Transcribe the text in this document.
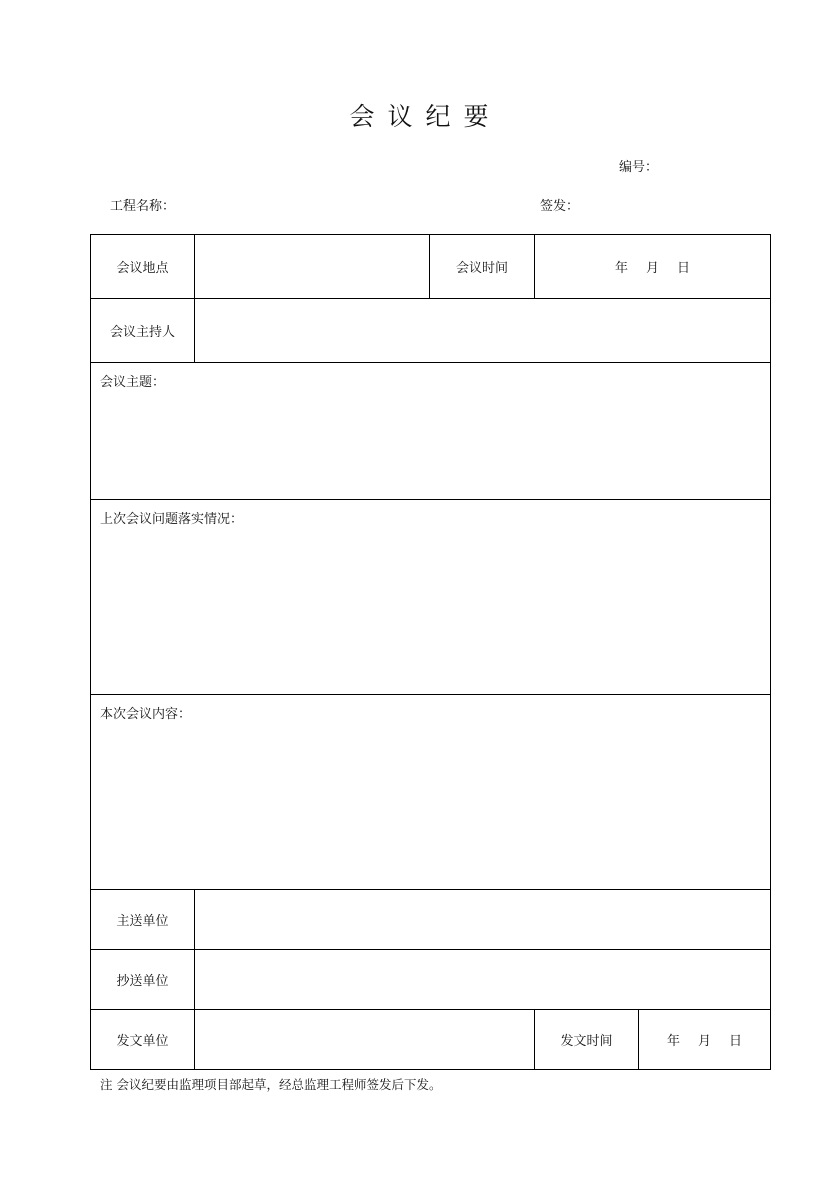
会议纪要
编号：
工程名称：	签发：
会议地点		会议时间	年 月 日	
会议主持人				
会议主题：				
上次会议问题落实情况：				
本次会议内容：				
主送单位				
抄送单位				
发文单位			发文时间	年 月 日
注 会议纪要由监理项目部起草，经总监理工程师签发后下发。
